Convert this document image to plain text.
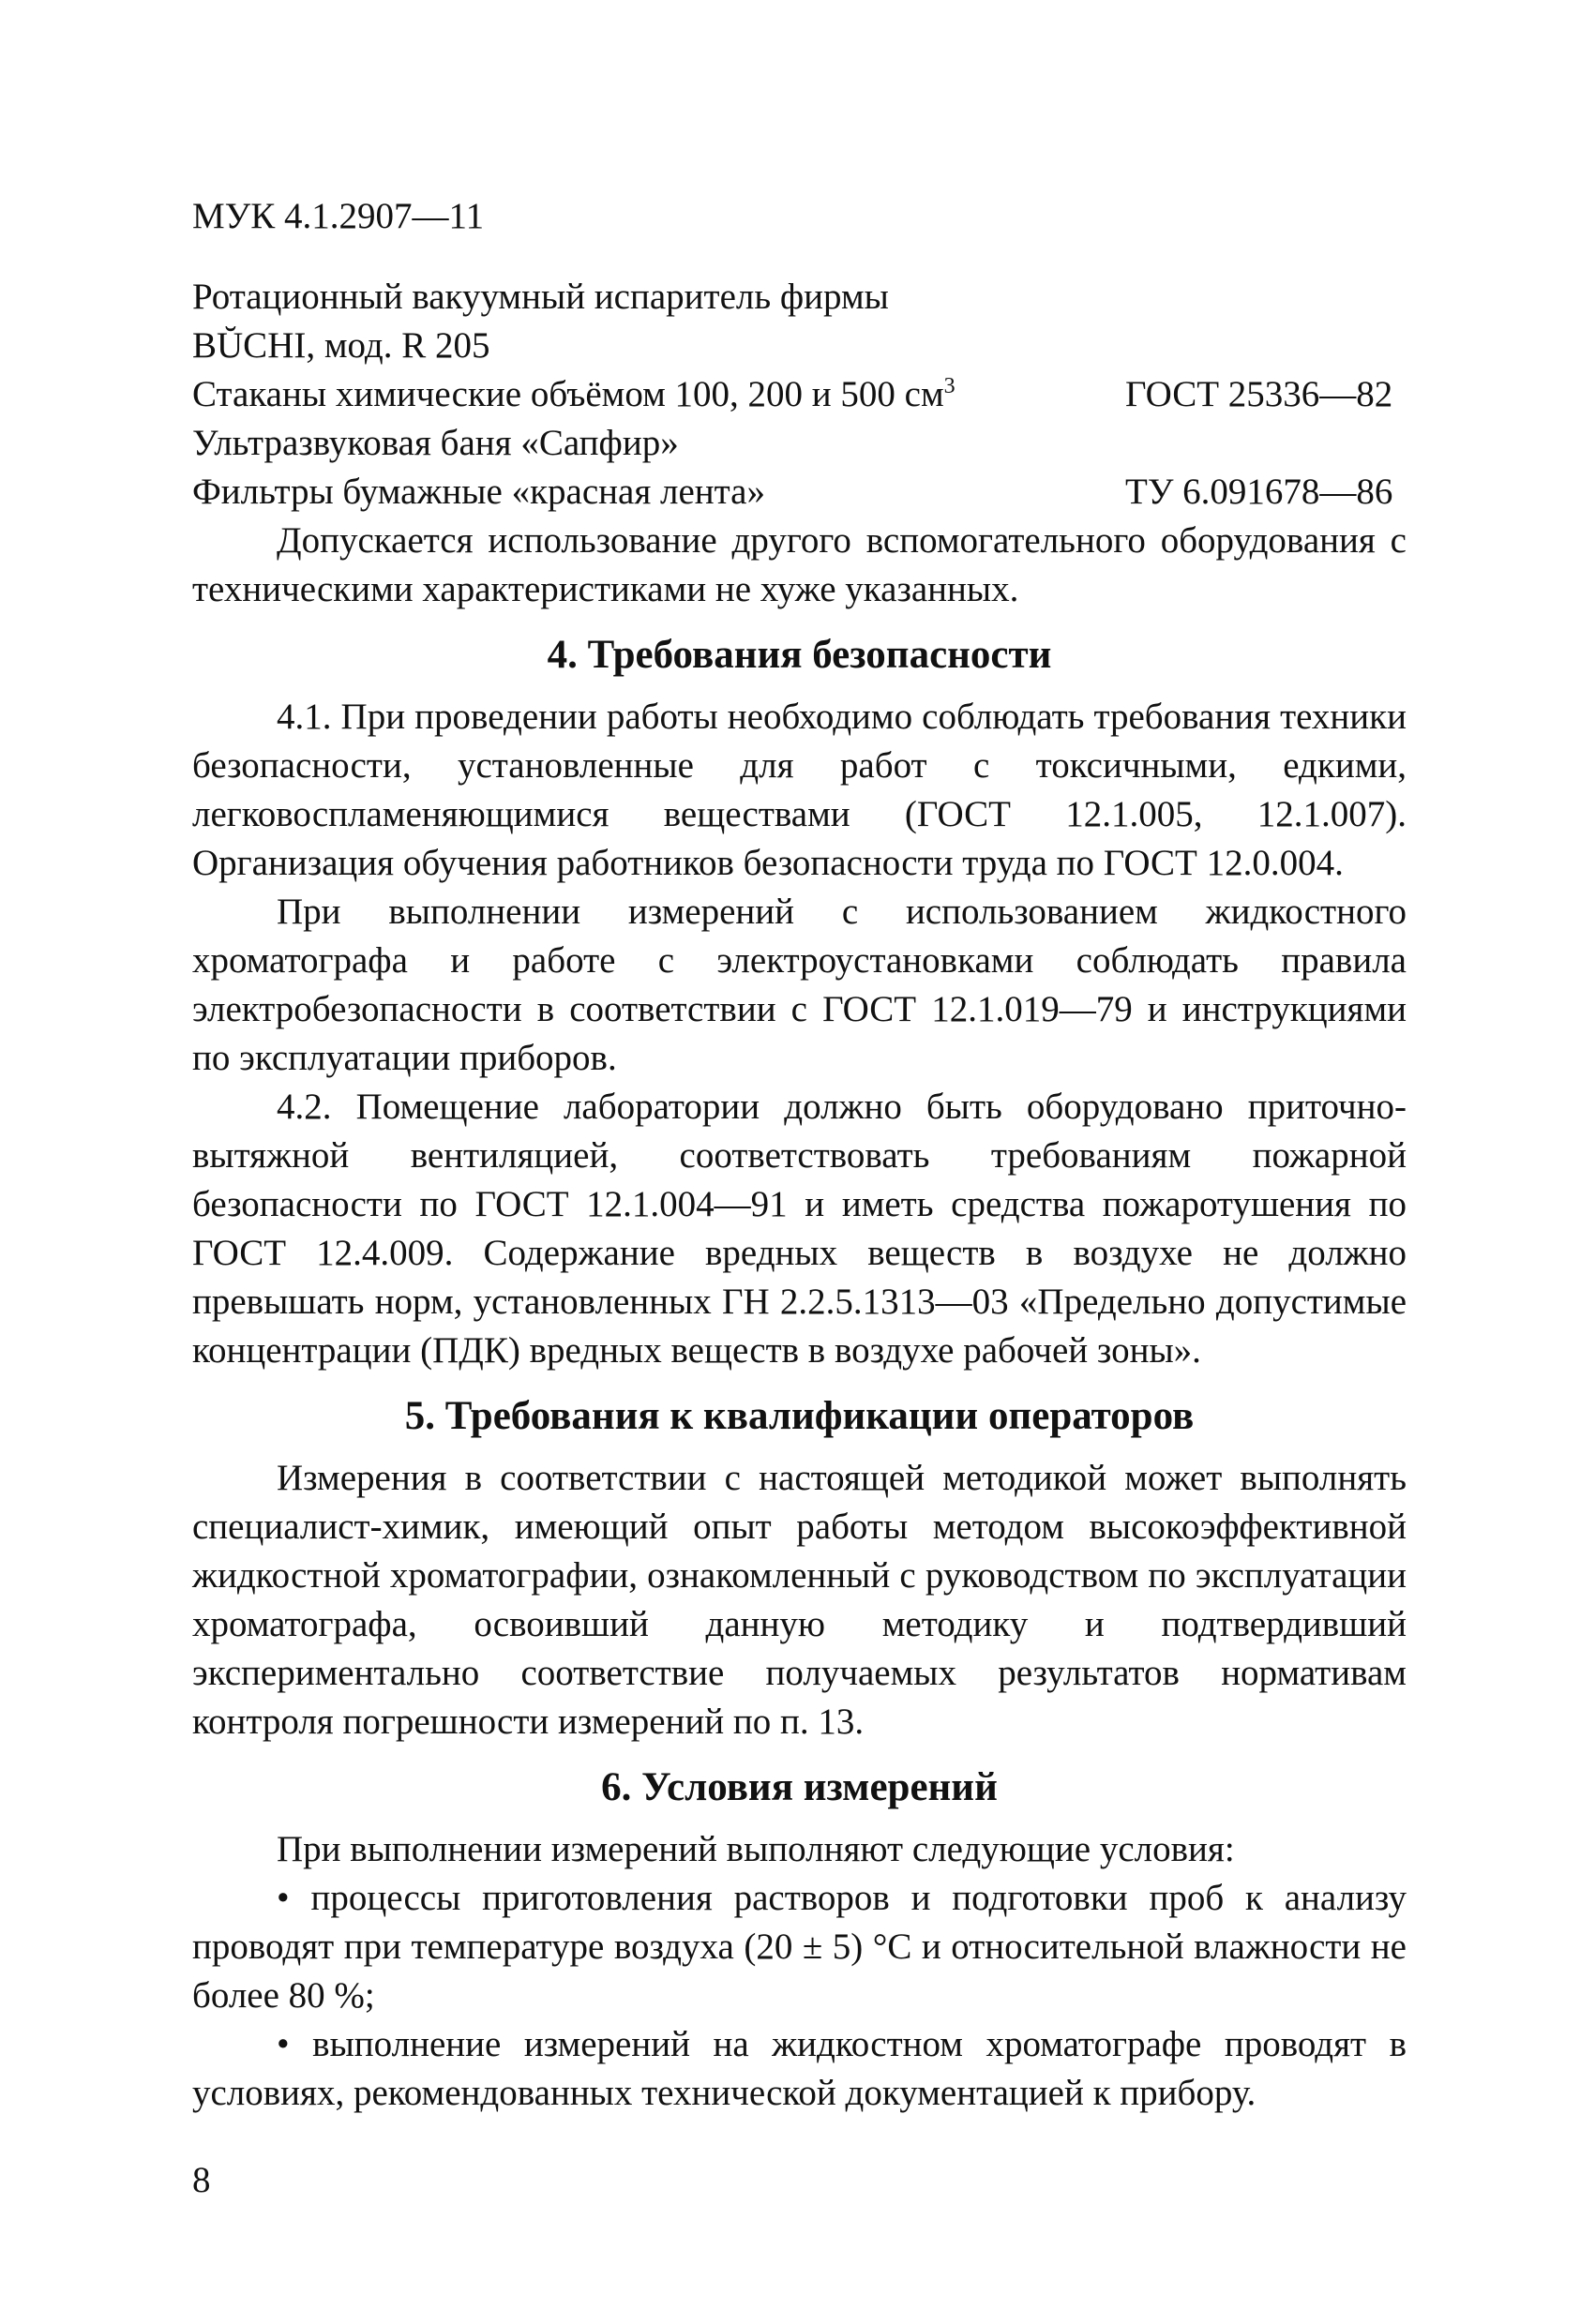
МУК 4.1.2907—11
Ротационный вакуумный испаритель фирмы
BŬCHI, мод. R 205
Стаканы химические объёмом 100, 200 и 500 $см^3$	ГОСТ 25336—82
Ультразвуковая баня «Сапфир»
Фильтры бумажные «красная лента»	ТУ 6.091678—86

Допускается использование другого вспомогательного оборудования с техническими характеристиками не хуже указанных.

4. Требования безопасности

4.1. При проведении работы необходимо соблюдать требования техники безопасности, установленные для работ с токсичными, едкими, легковоспламеняющимися веществами (ГОСТ 12.1.005, 12.1.007). Организация обучения работников безопасности труда по ГОСТ 12.0.004.

При выполнении измерений с использованием жидкостного хроматографа и работе с электроустановками соблюдать правила электробезопасности в соответствии с ГОСТ 12.1.019—79 и инструкциями по эксплуатации приборов.

4.2. Помещение лаборатории должно быть оборудовано приточно-вытяжной вентиляцией, соответствовать требованиям пожарной безопасности по ГОСТ 12.1.004—91 и иметь средства пожаротушения по ГОСТ 12.4.009. Содержание вредных веществ в воздухе не должно превышать норм, установленных ГН 2.2.5.1313—03 «Предельно допустимые концентрации (ПДК) вредных веществ в воздухе рабочей зоны».

5. Требования к квалификации операторов

Измерения в соответствии с настоящей методикой может выполнять специалист-химик, имеющий опыт работы методом высокоэффективной жидкостной хроматографии, ознакомленный с руководством по эксплуатации хроматографа, освоивший данную методику и подтвердивший экспериментально соответствие получаемых результатов нормативам контроля погрешности измерений по п. 13.

6. Условия измерений

При выполнении измерений выполняют следующие условия:

• процессы приготовления растворов и подготовки проб к анализу проводят при температуре воздуха (20 ± 5) °С и относительной влажности не более 80 %;

• выполнение измерений на жидкостном хроматографе проводят в условиях, рекомендованных технической документацией к прибору.

8
